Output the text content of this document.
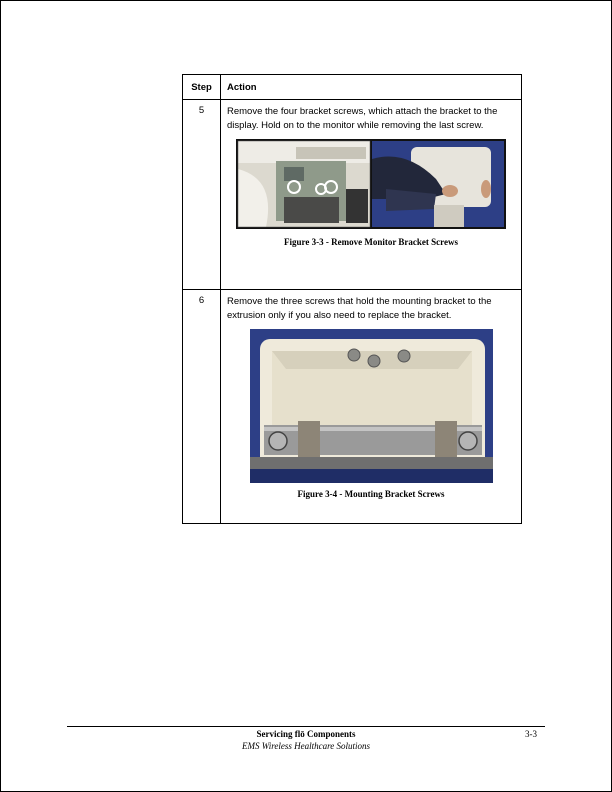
Step	Action
5	Remove the four bracket screws, which attach the bracket to the display. Hold on to the monitor while removing the last screw.

Figure 3-3 - Remove Monitor Bracket Screws

6	Remove the three screws that hold the mounting bracket to the extrusion only if you also need to replace the bracket.

Figure 3-4 - Mounting Bracket Screws
Servicing flō Components
EMS Wireless Healthcare Solutions
3-3
